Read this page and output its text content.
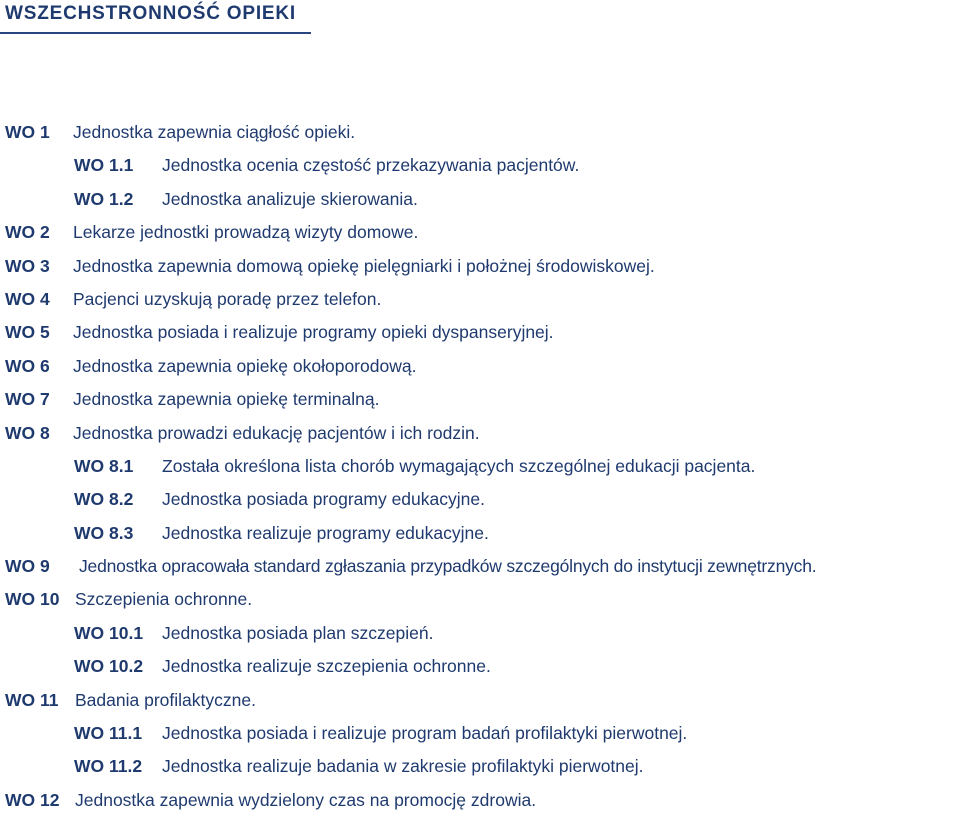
WSZECHSTRONNOŚĆ OPIEKI
WO 1 Jednostka zapewnia ciągłość opieki.
WO 1.1 Jednostka ocenia częstość przekazywania pacjentów.
WO 1.2 Jednostka analizuje skierowania.
WO 2 Lekarze jednostki prowadzą wizyty domowe.
WO 3 Jednostka zapewnia domową opiekę pielęgniarki i położnej środowiskowej.
WO 4 Pacjenci uzyskują poradę przez telefon.
WO 5 Jednostka posiada i realizuje programy opieki dyspanseryjnej.
WO 6 Jednostka zapewnia opiekę okołoporodową.
WO 7 Jednostka zapewnia opiekę terminalną.
WO 8 Jednostka prowadzi edukację pacjentów i ich rodzin.
WO 8.1 Została określona lista chorób wymagających szczególnej edukacji pacjenta.
WO 8.2 Jednostka posiada programy edukacyjne.
WO 8.3 Jednostka realizuje programy edukacyjne.
WO 9 Jednostka opracowała standard zgłaszania przypadków szczególnych do instytucji zewnętrznych.
WO 10 Szczepienia ochronne.
WO 10.1 Jednostka posiada plan szczepień.
WO 10.2 Jednostka realizuje szczepienia ochronne.
WO 11 Badania profilaktyczne.
WO 11.1 Jednostka posiada i realizuje program badań profilaktyki pierwotnej.
WO 11.2 Jednostka realizuje badania w zakresie profilaktyki pierwotnej.
WO 12 Jednostka zapewnia wydzielony czas na promocję zdrowia.
